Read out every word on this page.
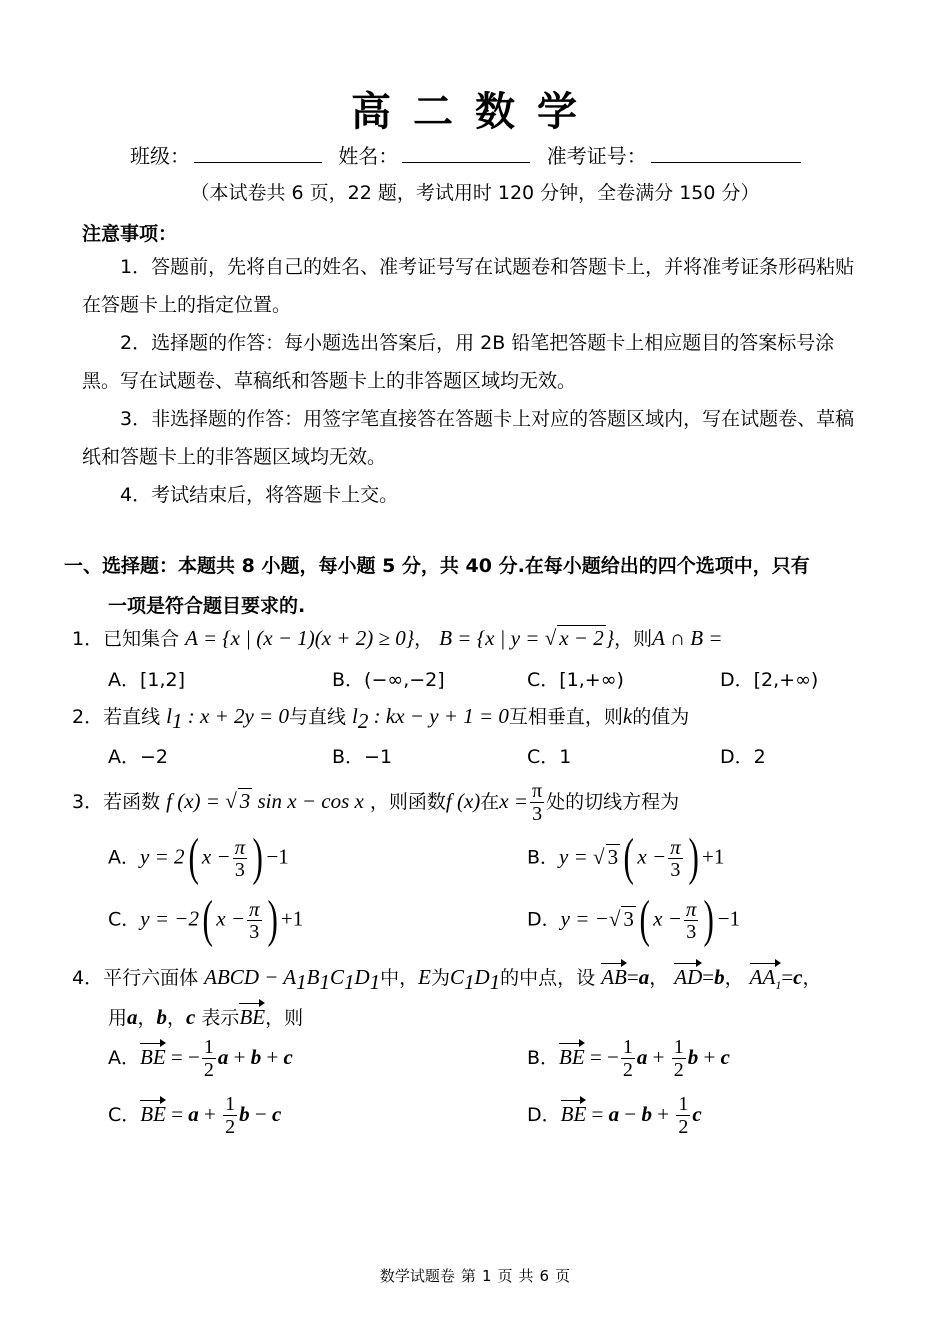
高二数学
班级：	姓名：	准考证号：
（本试卷共 6 页，22 题，考试用时 120 分钟，全卷满分 150 分）
注意事项：

1．答题前，先将自己的姓名、准考证号写在试题卷和答题卡上，并将准考证条形码粘贴在答题卡上的指定位置。

2．选择题的作答：每小题选出答案后，用 2B 铅笔把答题卡上相应题目的答案标号涂黑。写在试题卷、草稿纸和答题卡上的非答题区域均无效。

3．非选择题的作答：用签字笔直接答在答题卡上对应的答题区域内，写在试题卷、草稿纸和答题卡上的非答题区域均无效。

4．考试结束后，将答题卡上交。

一、选择题：本题共 8 小题，每小题 5 分，共 40 分.在每小题给出的四个选项中，只有
一项是符合题目要求的.
1．已知集合 A = {x | (x − 1)(x + 2) ≥ 0}， B = {x | y = √ x − 2}，则A ∩ B =
A．[1,2]	B．(−∞,−2]	C．[1,+∞)	D．[2,+∞)
2．若直线 $l_1$ : x + 2y = 0与直线 $l_2$ : kx − y + 1 = 0互相垂直，则k的值为
A．−2	B．−1	C．1	D．2
3．若函数 f (x) = √ 3 sin x − cos x ，则函数f (x)在$x = \frac{\pi}{3}$ 处的切线方程为
A．y = 2( $x - \frac{\pi}{3}$ ) −1	B．y = √ 3 ( $x - \frac{\pi}{3}$ ) +1
C．y = −2( $x - \frac{\pi}{3}$ ) +1	D．y = −√ 3 ( $x - \frac{\pi}{3}$ ) −1
4．平行六面体 ABCD − $A_1B_1C_1D_1$中，E为$C_1D_1$的中点，设 AB=a， AD=b， $AA_1=c$，
用a，b，c 表示BE，则
A．BE = − $\frac{1}{2}$ a + b + c	B．BE = − $\frac{1}{2}$ $a + \frac{1}{2}$ b + c
C．BE = $a + \frac{1}{2}$ b − c	D．BE = $a - b + \frac{1}{2}$ c
数学试题卷 第 1 页 共 6 页
